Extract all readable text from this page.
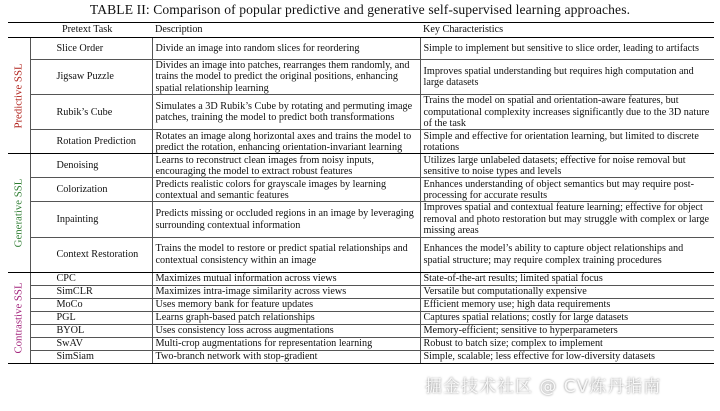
TABLE II: Comparison of popular predictive and generative self-supervised learning approaches.
	Pretext Task	Description	Key Characteristics

Predictive SSL	Slice Order	Divide an image into random slices for reordering	Simple to implement but sensitive to slice order, leading to artifacts
	Jigsaw Puzzle	Divides an image into patches, rearranges them randomly, and trains the model to predict the original positions, enhancing spatial relationship learning	Improves spatial understanding but requires high computation and large datasets
	Rubik’s Cube	Simulates a 3D Rubik’s Cube by rotating and permuting image patches, training the model to predict both transformations	Trains the model on spatial and orientation-aware features, but computational complexity increases significantly due to the 3D nature of the task
	Rotation Prediction	Rotates an image along horizontal axes and trains the model to predict the rotation, enhancing orientation-invariant learning	Simple and effective for orientation learning, but limited to discrete rotations

Generative SSL	Denoising	Learns to reconstruct clean images from noisy inputs, encouraging the model to extract robust features	Utilizes large unlabeled datasets; effective for noise removal but sensitive to noise types and levels
	Colorization	Predicts realistic colors for grayscale images by learning contextual and semantic features	Enhances understanding of object semantics but may require post-processing for accurate results
	Inpainting	Predicts missing or occluded regions in an image by leveraging surrounding contextual information	Improves spatial and contextual feature learning; effective for object removal and photo restoration but may struggle with complex or large missing areas
	Context Restoration	Trains the model to restore or predict spatial relationships and contextual consistency within an image	Enhances the model’s ability to capture object relationships and spatial structure; may require complex training procedures

Contrastive SSL	CPC	Maximizes mutual information across views	State-of-the-art results; limited spatial focus
	SimCLR	Maximizes intra-image similarity across views	Versatile but computationally expensive
	MoCo	Uses memory bank for feature updates	Efficient memory use; high data requirements
	PGL	Learns graph-based patch relationships	Captures spatial relations; costly for large datasets
	BYOL	Uses consistency loss across augmentations	Memory-efficient; sensitive to hyperparameters
	SwAV	Multi-crop augmentations for representation learning	Robust to batch size; complex to implement
	SimSiam	Two-branch network with stop-gradient	Simple, scalable; less effective for low-diversity datasets
掘金技术社区 @ CV炼丹指南
